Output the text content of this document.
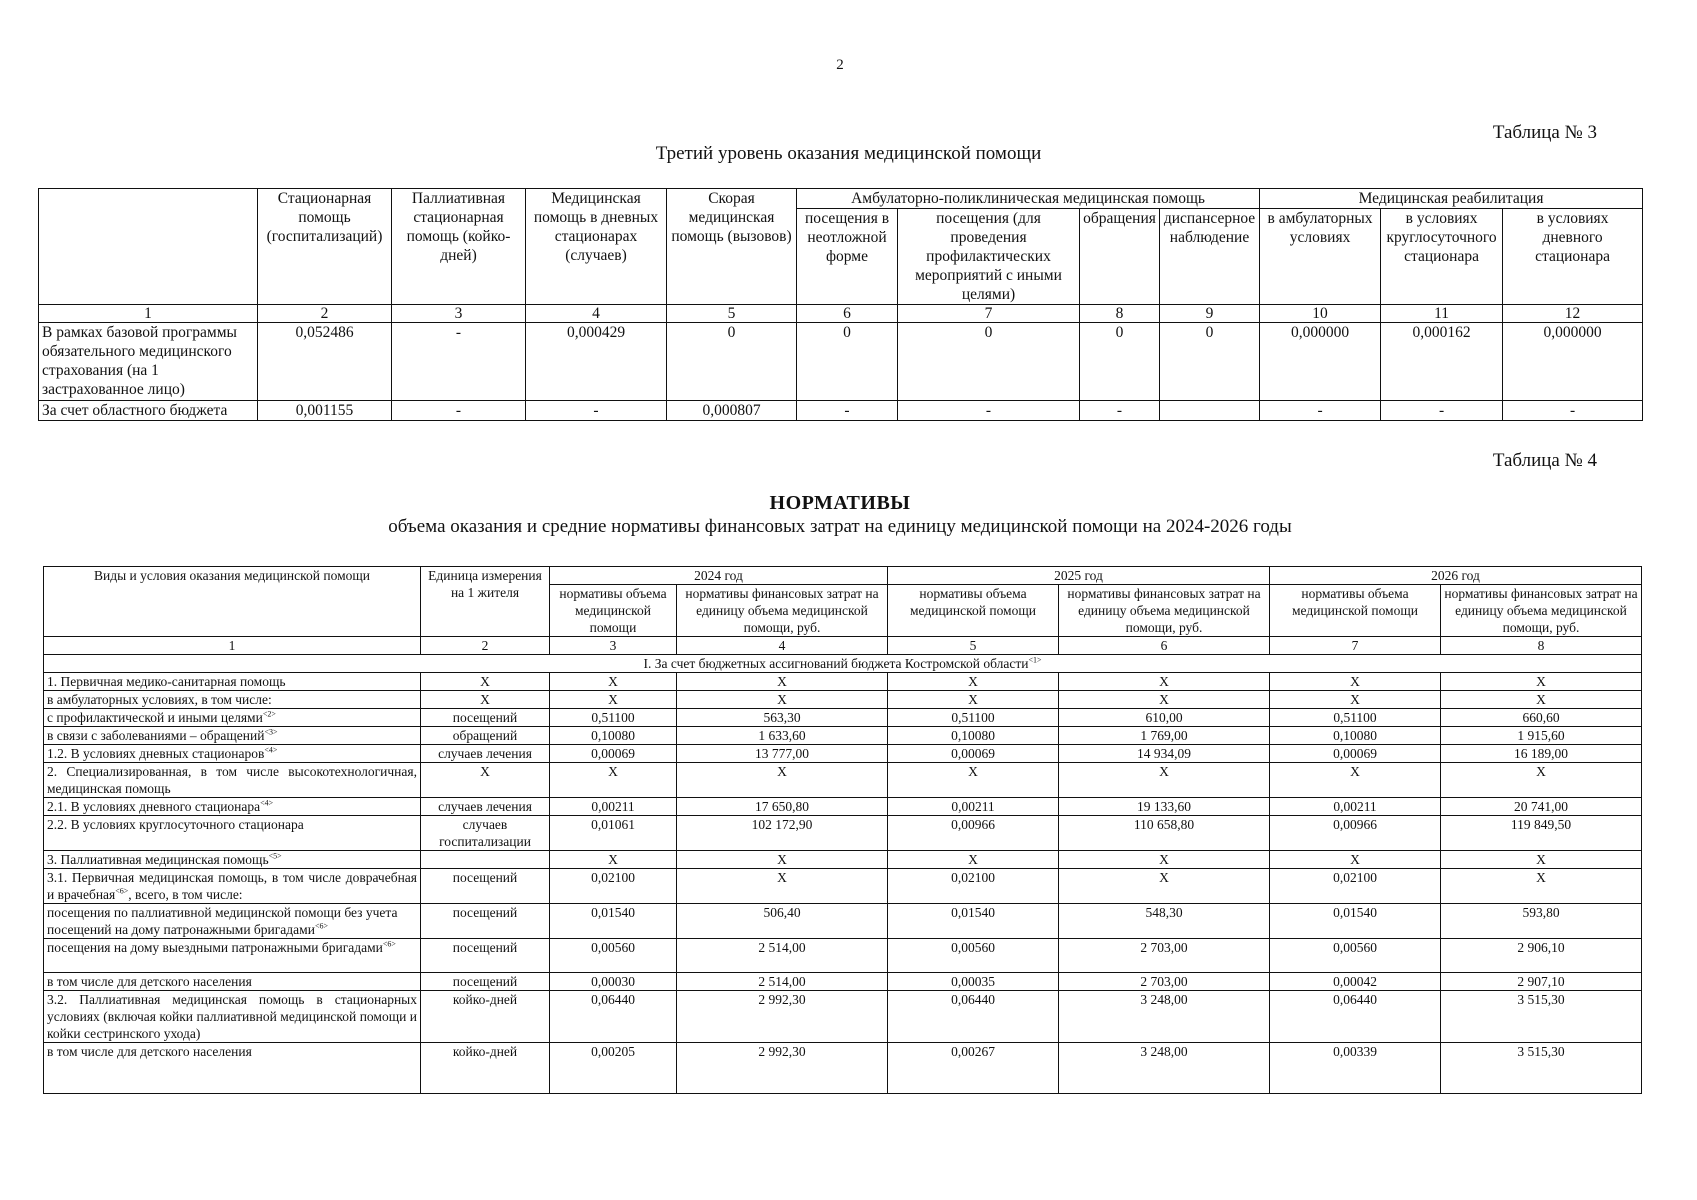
2
Таблица № 3
Третий уровень оказания медицинской помощи
	Стационарная помощь (госпитализаций)	Паллиативная стационарная помощь (койко-дней)	Медицинская помощь в дневных стационарах (случаев)	Скорая медицинская помощь (вызовов)	Амбулаторно-поликлиническая медицинская помощь				Медицинская реабилитация		
					посещения в неотложной форме	посещения (для проведения профилактических мероприятий с иными целями)	обращения	диспансерное наблюдение	в амбулаторных условиях	в условиях круглосуточного стационара	в условиях дневного стационара
1	2	3	4	5	6	7	8	9	10	11	12
В рамках базовой программы обязательного медицинского страхования (на 1 застрахованное лицо)	0,052486	-	0,000429	0	0	0	0	0	0,000000	0,000162	0,000000
За счет областного бюджета	0,001155	-	-	0,000807	-	-	-		-	-	-
Таблица № 4
НОРМАТИВЫ
объема оказания и средние нормативы финансовых затрат на единицу медицинской помощи на 2024-2026 годы
Виды и условия оказания медицинской помощи	Единица измерения на 1 жителя	2024 год		2025 год		2026 год	
		нормативы объема медицинской помощи	нормативы финансовых затрат на единицу объема медицинской помощи, руб.	нормативы объема медицинской помощи	нормативы финансовых затрат на единицу объема медицинской помощи, руб.	нормативы объема медицинской помощи	нормативы финансовых затрат на единицу объема медицинской помощи, руб.
1	2	3	4	5	6	7	8
I. За счет бюджетных ассигнований бюджета Костромской области$^{<1>}$
1. Первичная медико-санитарная помощь	Х	Х	Х	Х	Х	Х	Х
в амбулаторных условиях, в том числе:	Х	Х	Х	Х	Х	Х	Х
с профилактической и иными целями$^{<2>}$	посещений	0,51100	563,30	0,51100	610,00	0,51100	660,60
в связи с заболеваниями – обращений$^{<3>}$	обращений	0,10080	1 633,60	0,10080	1 769,00	0,10080	1 915,60
1.2. В условиях дневных стационаров$^{<4>}$	случаев лечения	0,00069	13 777,00	0,00069	14 934,09	0,00069	16 189,00
2. Специализированная, в том числе высокотехнологичная, медицинская помощь	Х	Х	Х	Х	Х	Х	Х
2.1. В условиях дневного стационара$^{<4>}$	случаев лечения	0,00211	17 650,80	0,00211	19 133,60	0,00211	20 741,00
2.2. В условиях круглосуточного стационара	случаев госпитализации	0,01061	102 172,90	0,00966	110 658,80	0,00966	119 849,50
3. Паллиативная медицинская помощь$^{<5>}$		Х	Х	Х	Х	Х	Х
3.1. Первичная медицинская помощь, в том числе доврачебная и врачебная$^{<6>}$, всего, в том числе:	посещений	0,02100	Х	0,02100	Х	0,02100	Х
посещения по паллиативной медицинской помощи без учета посещений на дому патронажными бригадами$^{<6>}$	посещений	0,01540	506,40	0,01540	548,30	0,01540	593,80
посещения на дому выездными патронажными бригадами$^{<6>}$	посещений	0,00560	2 514,00	0,00560	2 703,00	0,00560	2 906,10
в том числе для детского населения	посещений	0,00030	2 514,00	0,00035	2 703,00	0,00042	2 907,10
3.2. Паллиативная медицинская помощь в стационарных условиях (включая койки паллиативной медицинской помощи и койки сестринского ухода)	койко-дней	0,06440	2 992,30	0,06440	3 248,00	0,06440	3 515,30
в том числе для детского населения	койко-дней	0,00205	2 992,30	0,00267	3 248,00	0,00339	3 515,30
